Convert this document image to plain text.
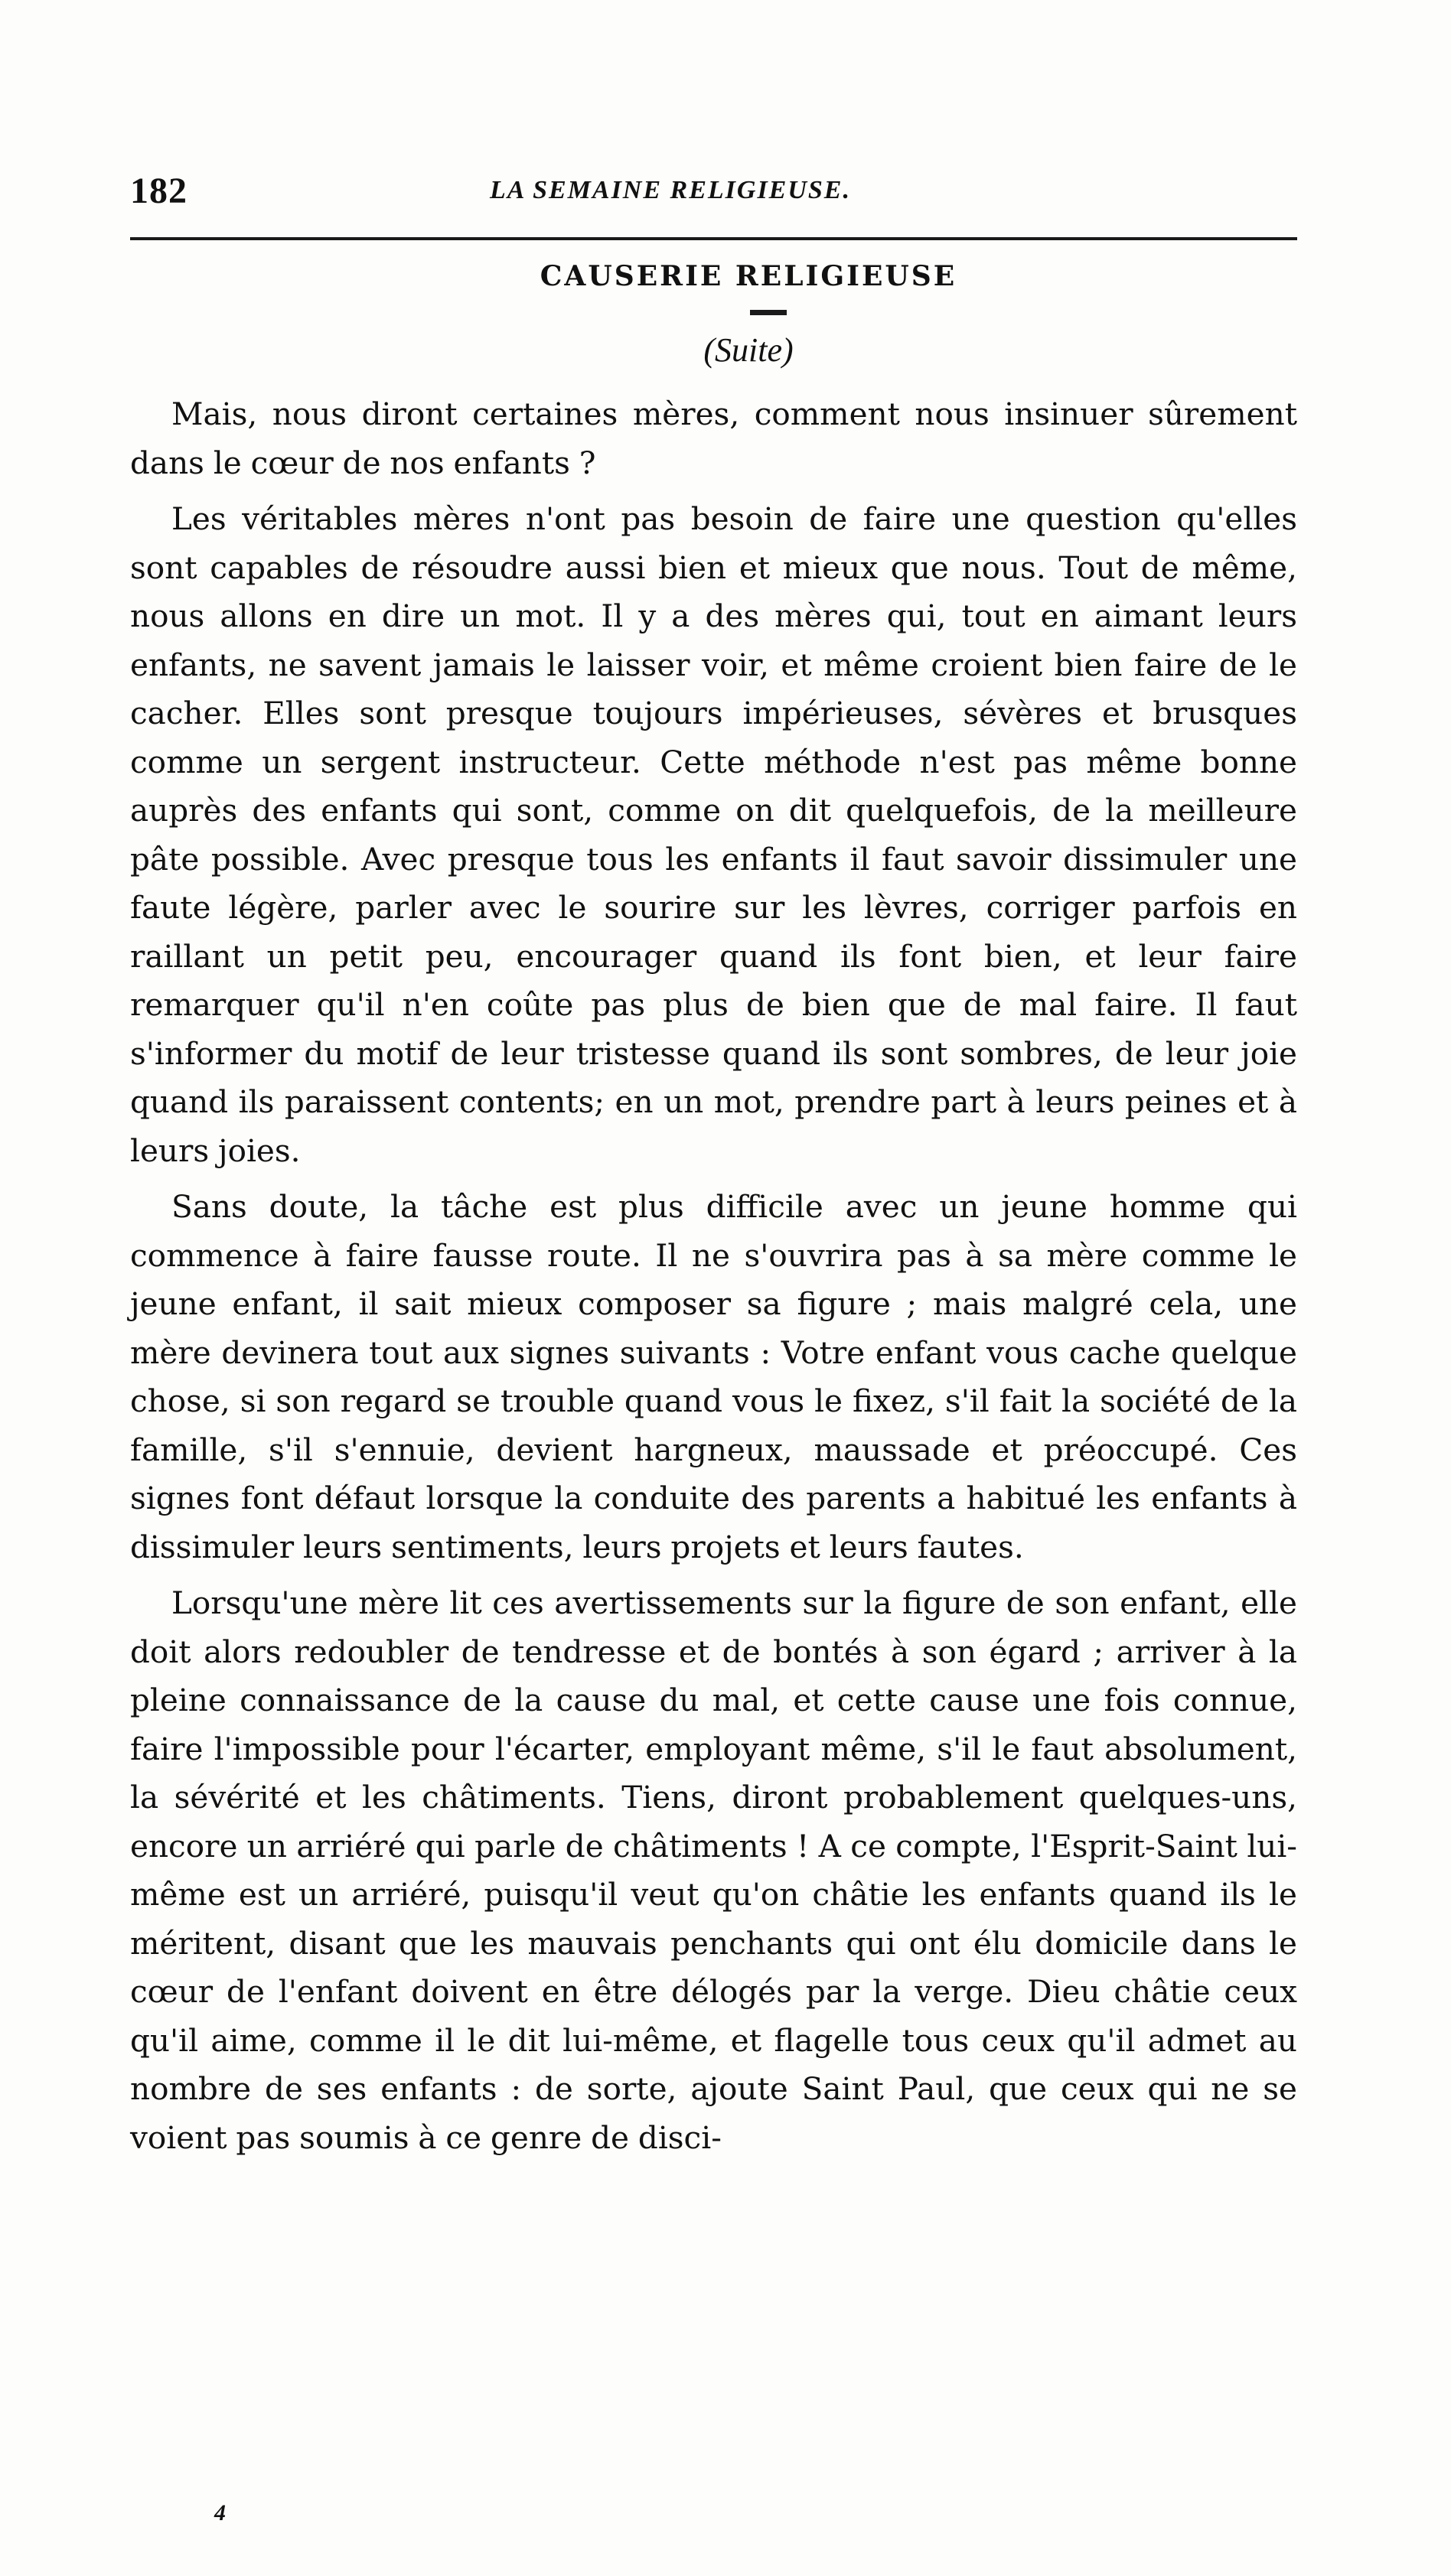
182	LA SEMAINE RELIGIEUSE.
CAUSERIE RELIGIEUSE
(Suite)

Mais, nous diront certaines mères, comment nous insinuer sûrement dans le cœur de nos enfants ?

Les véritables mères n'ont pas besoin de faire une question qu'elles sont capables de résoudre aussi bien et mieux que nous. Tout de même, nous allons en dire un mot. Il y a des mères qui, tout en aimant leurs enfants, ne savent jamais le laisser voir, et même croient bien faire de le cacher. Elles sont presque toujours impérieuses, sévères et brusques comme un sergent instructeur. Cette méthode n'est pas même bonne auprès des enfants qui sont, comme on dit quelquefois, de la meilleure pâte possible. Avec presque tous les enfants il faut savoir dissimuler une faute légère, parler avec le sourire sur les lèvres, corriger parfois en raillant un petit peu, encourager quand ils font bien, et leur faire remarquer qu'il n'en coûte pas plus de bien que de mal faire. Il faut s'informer du motif de leur tristesse quand ils sont sombres, de leur joie quand ils paraissent contents; en un mot, prendre part à leurs peines et à leurs joies.

Sans doute, la tâche est plus difficile avec un jeune homme qui commence à faire fausse route. Il ne s'ouvrira pas à sa mère comme le jeune enfant, il sait mieux composer sa figure ; mais malgré cela, une mère devinera tout aux signes suivants : Votre enfant vous cache quelque chose, si son regard se trouble quand vous le fixez, s'il fait la société de la famille, s'il s'ennuie, devient hargneux, maussade et préoccupé. Ces signes font défaut lorsque la conduite des parents a habitué les enfants à dissimuler leurs sentiments, leurs projets et leurs fautes.

Lorsqu'une mère lit ces avertissements sur la figure de son enfant, elle doit alors redoubler de tendresse et de bontés à son égard ; arriver à la pleine connaissance de la cause du mal, et cette cause une fois connue, faire l'impossible pour l'écarter, employant même, s'il le faut absolument, la sévérité et les châtiments. Tiens, diront probablement quelques-uns, encore un arriéré qui parle de châtiments ! A ce compte, l'Esprit-Saint lui-même est un arriéré, puisqu'il veut qu'on châtie les enfants quand ils le méritent, disant que les mauvais penchants qui ont élu domicile dans le cœur de l'enfant doivent en être délogés par la verge. Dieu châtie ceux qu'il aime, comme il le dit lui-même, et flagelle tous ceux qu'il admet au nombre de ses enfants : de sorte, ajoute Saint Paul, que ceux qui ne se voient pas soumis à ce genre de disci-

4
